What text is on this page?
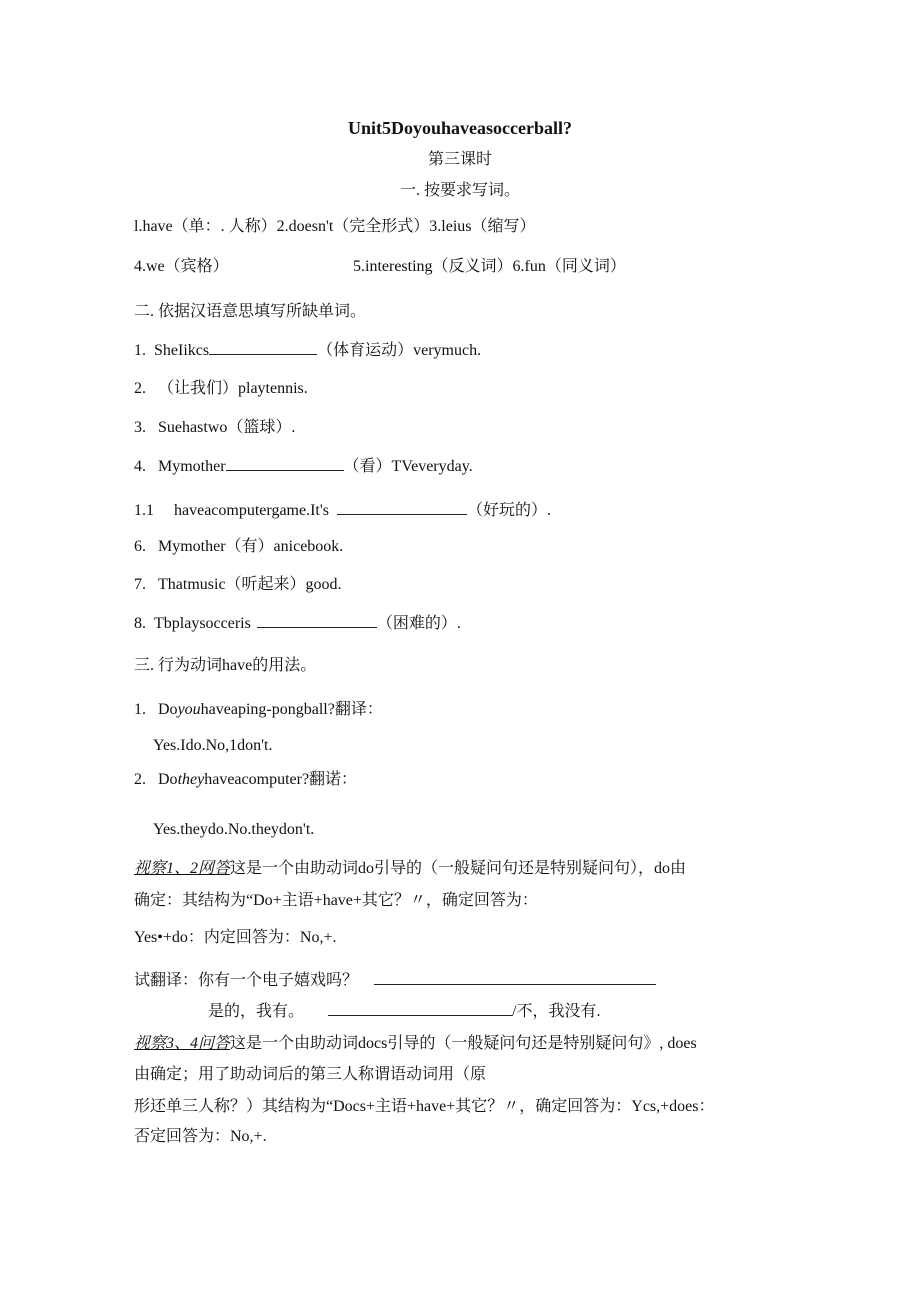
Unit5Doyouhaveasoccerball?
第三课时
一. 按要求写词。
l.have（单：. 人称）2.doesn't（完全形式）3.leius（缩写）
4.we（宾格）	5.interesting（反义词）6.fun（同义词）
二. 依据汉语意思填写所缺单词。
1. SheIikcs	（体育运动）verymuch.
2. （让我们）playtennis.
3. Suehastwo（篮球）.
4. Mymother	（看）TVeveryday.
1.1 haveacomputergame.It's	（好玩的）.
6. Mymother（有）anicebook.
7. Thatmusic（听起来）good.
8. Tbplaysocceris	（困难的）.
三. 行为动词have的用法。
1. Doyouhaveaping-pongball?翻译：
Yes.Ido.No,1don't.
2. Dotheyhaveacomputer?翻诺：
Yes.theydo.No.theydon't.
视察1、2网答这是一个由助动词do引导的（一般疑问句还是特别疑问句），do由
确定：其结构为“Do+主语+have+其它？〃，确定回答为：
Yes•+do：内定回答为：No,+.
试翻译：你有一个电子嬉戏吗？
是的，我有。	/不，我没有.
视察3、4问答这是一个由助动词docs引导的（一般疑问句还是特别疑问句》, does
由确定；用了助动词后的第三人称谓语动词用（原
形还单三人称？）其结构为“Docs+主语+have+其它？〃，确定回答为：Ycs,+does：
否定回答为：No,+.
